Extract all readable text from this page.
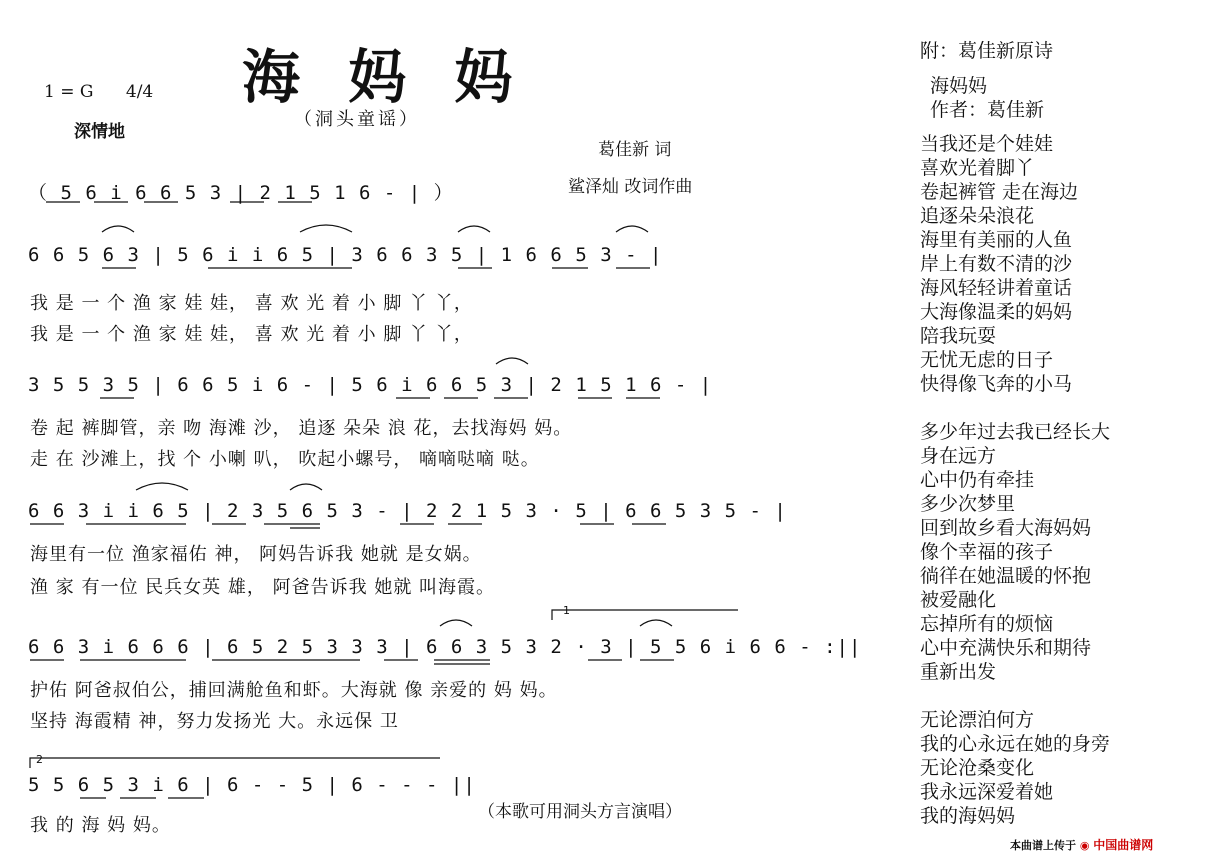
1 = G 4/4
深情地
海 妈 妈
（洞头童谣）
葛佳新 词
鲨泽灿 改词作曲
（ 5 6 i 6 6 5 3 | 2 1 5 1 6 - | ）
6 6 5 6 3 | 5 6 i i 6 5 | 3 6 6 3 5 | 1 6 6 5 3 - |
我 是 一 个 渔 家 娃 娃， 喜 欢 光 着 小 脚 丫 丫，
我 是 一 个 渔 家 娃 娃， 喜 欢 光 着 小 脚 丫 丫，
3 5 5 3 5 | 6 6 5 i 6 - | 5 6 i 6 6 5 3 | 2 1 5 1 6 - |
卷 起 裤脚管，亲 吻 海滩 沙， 追逐 朵朵 浪 花，去找海妈 妈。
走 在 沙滩上，找 个 小喇 叭， 吹起小螺号， 嘀嘀哒嘀 哒。
6 6 3 i i 6 5 | 2 3 5 6 5 3 - | 2 2 1 5 3 · 5 | 6 6 5 3 5 - |
海里有一位 渔家福佑 神， 阿妈告诉我 她就 是女娲。
渔 家 有一位 民兵女英 雄， 阿爸告诉我 她就 叫海霞。
1
6 6 3 i 6 6 6 | 6 5 2 5 3 3 3 | 6 6 3 5 3 2 · 3 | 5 5 6 i 6 6 - :||
护佑 阿爸叔伯公，捕回满舱鱼和虾。大海就 像 亲爱的 妈 妈。
坚持 海霞精 神，努力发扬光 大。永远保 卫
2
5 5 6 5 3 i 6 | 6 - - 5 | 6 - - - ||
我 的 海 妈 妈。
（本歌可用洞头方言演唱）
附：葛佳新原诗
海妈妈
作者：葛佳新
当我还是个娃娃
喜欢光着脚丫
卷起裤管 走在海边
追逐朵朵浪花
海里有美丽的人鱼
岸上有数不清的沙
海风轻轻讲着童话
大海像温柔的妈妈
陪我玩耍
无忧无虑的日子
快得像飞奔的小马
多少年过去我已经长大
身在远方
心中仍有牵挂
多少次梦里
回到故乡看大海妈妈
像个幸福的孩子
徜徉在她温暖的怀抱
被爱融化
忘掉所有的烦恼
心中充满快乐和期待
重新出发
无论漂泊何方
我的心永远在她的身旁
无论沧桑变化
我永远深爱着她
我的海妈妈
本曲谱上传于 ◉ 中国曲谱网
